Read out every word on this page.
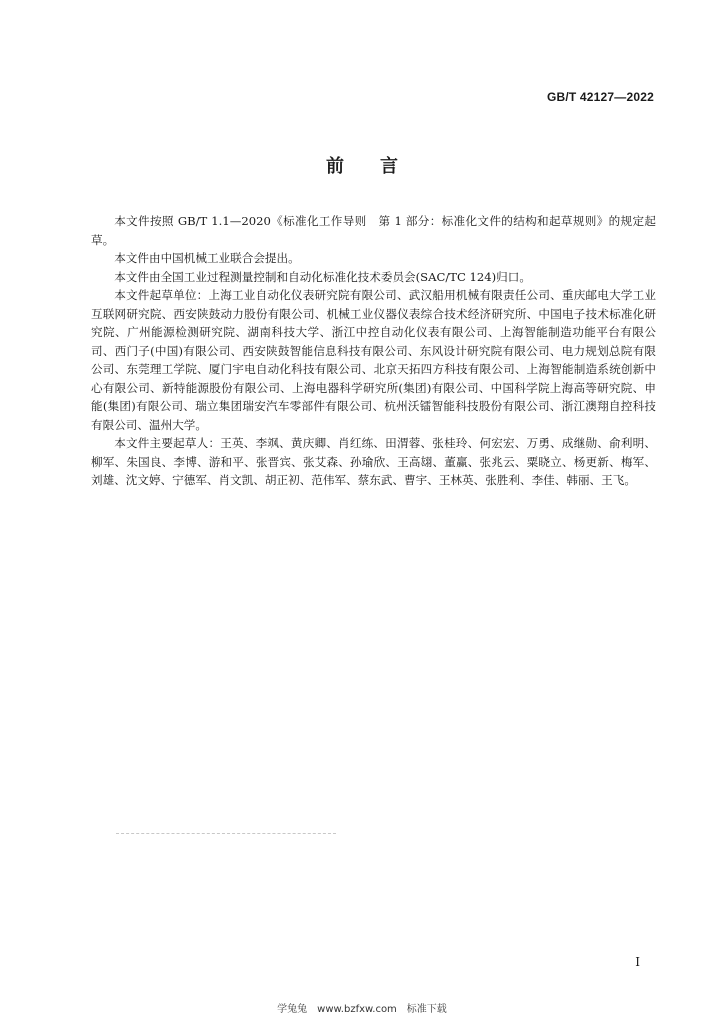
GB/T 42127—2022
前言

本文件按照 GB/T 1.1—2020《标准化工作导则　第 1 部分：标准化文件的结构和起草规则》的规定起草。

本文件由中国机械工业联合会提出。

本文件由全国工业过程测量控制和自动化标准化技术委员会(SAC/TC 124)归口。

本文件起草单位：上海工业自动化仪表研究院有限公司、武汉船用机械有限责任公司、重庆邮电大学工业互联网研究院、西安陕鼓动力股份有限公司、机械工业仪器仪表综合技术经济研究所、中国电子技术标准化研究院、广州能源检测研究院、湖南科技大学、浙江中控自动化仪表有限公司、上海智能制造功能平台有限公司、西门子(中国)有限公司、西安陕鼓智能信息科技有限公司、东风设计研究院有限公司、电力规划总院有限公司、东莞理工学院、厦门宇电自动化科技有限公司、北京天拓四方科技有限公司、上海智能制造系统创新中心有限公司、新特能源股份有限公司、上海电器科学研究所(集团)有限公司、中国科学院上海高等研究院、申能(集团)有限公司、瑞立集团瑞安汽车零部件有限公司、杭州沃镭智能科技股份有限公司、浙江澳翔自控科技有限公司、温州大学。

本文件主要起草人：王英、李飒、黄庆卿、肖红练、田渭蓉、张桂玲、何宏宏、万勇、成继勋、俞利明、柳军、朱国良、李博、游和平、张晋宾、张艾森、孙瑜欣、王高翃、董赢、张兆云、粟晓立、杨更新、梅军、刘雄、沈文婷、宁德军、肖文凯、胡正初、范伟军、蔡东武、曹宇、王林英、张胜利、李佳、韩丽、王飞。

I
学兔兔　www.bzfxw.com　标准下载
